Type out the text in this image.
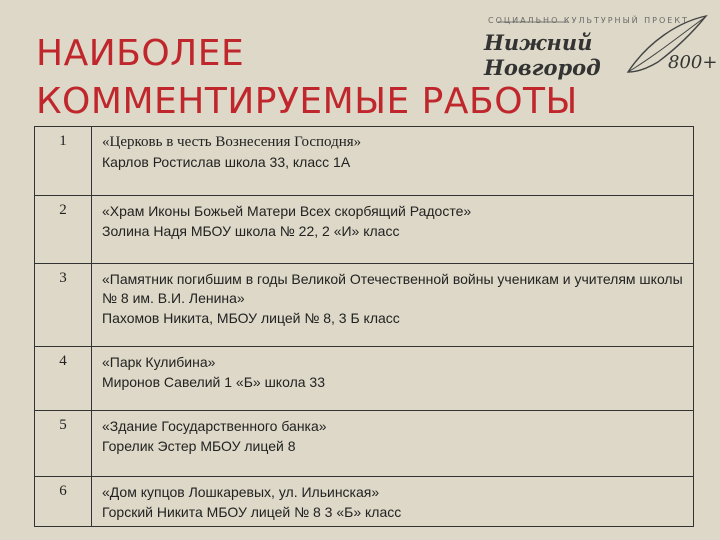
НАИБОЛЕЕ
КОММЕНТИРУЕМЫЕ РАБОТЫ
СОЦИАЛЬНО КУЛЬТУРНЫЙ ПРОЕКТ
Нижний Новгород	800+
1	«Церковь в честь Вознесения Господня»
Карлов Ростислав школа 33, класс 1А

2	«Храм Иконы Божьей Матери Всех скорбящий Радосте»
Золина Надя МБОУ школа № 22, 2 «И» класс

3	«Памятник погибшим в годы Великой Отечественной войны ученикам и учителям школы № 8 им. В.И. Ленина»
Пахомов Никита, МБОУ лицей № 8, 3 Б класс

4	«Парк Кулибина»
Миронов Савелий 1 «Б» школа 33

5	«Здание Государственного банка»
Горелик Эстер МБОУ лицей 8

6	«Дом купцов Лошкаревых, ул. Ильинская»
Горский Никита МБОУ лицей № 8 3 «Б» класс
